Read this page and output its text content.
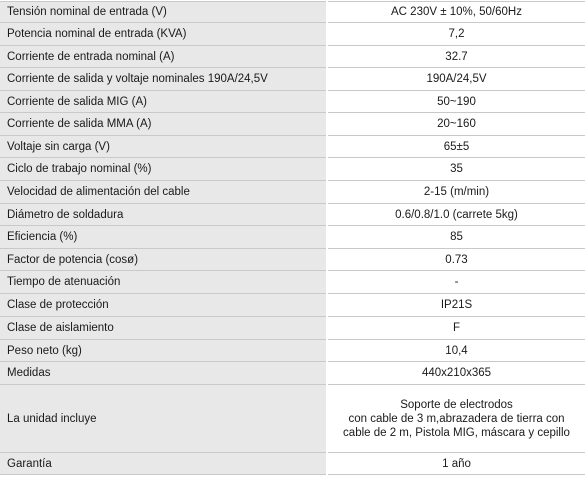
Tensión nominal de entrada (V)	AC 230V ± 10%, 50/60Hz
Potencia nominal de entrada (KVA)	7,2
Corriente de entrada nominal (A)	32.7
Corriente de salida y voltaje nominales 190A/24,5V	190A/24,5V
Corriente de salida MIG (A)	50~190
Corriente de salida MMA (A)	20~160
Voltaje sin carga (V)	65±5
Ciclo de trabajo nominal (%)	35
Velocidad de alimentación del cable	2-15 (m/min)
Diámetro de soldadura	0.6/0.8/1.0 (carrete 5kg)
Eficiencia (%)	85
Factor de potencia (cosø)	0.73
Tiempo de atenuación	-
Clase de protección	IP21S
Clase de aislamiento	F
Peso neto (kg)	10,4
Medidas	440x210x365
La unidad incluye	Soporte de electrodos
con cable de 3 m,abrazadera de tierra con
cable de 2 m, Pistola MIG, máscara y cepillo
Garantía	1 año
